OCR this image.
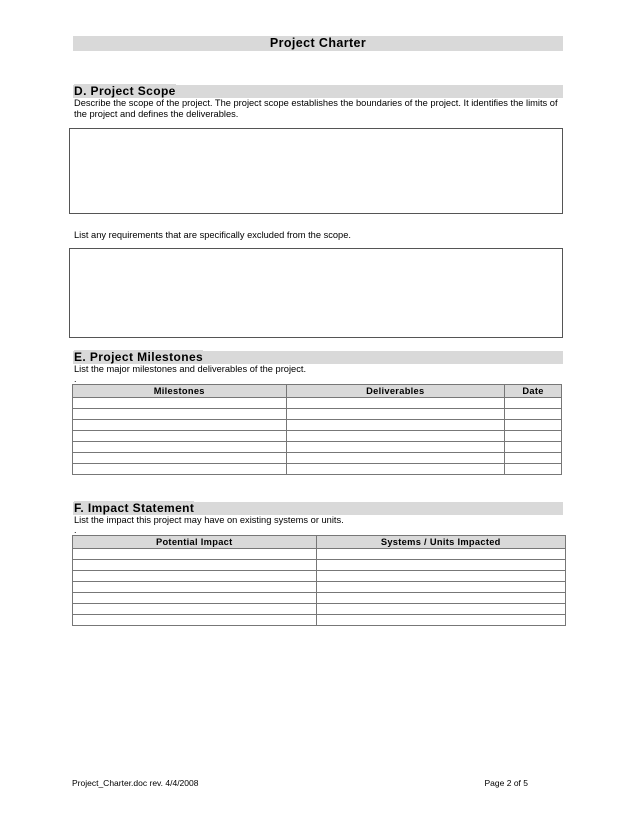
Project Charter
D. Project Scope
Describe the scope of the project. The project scope establishes the boundaries of the project. It identifies the limits of the project and defines the deliverables.
List any requirements that are specifically excluded from the scope.
E. Project Milestones
List the major milestones and deliverables of the project.
.
Milestones	Deliverables	Date

F. Impact Statement
List the impact this project may have on existing systems or units.
.
Potential Impact	Systems / Units Impacted

Project_Charter.doc rev. 4/4/2008	Page 2 of 5
